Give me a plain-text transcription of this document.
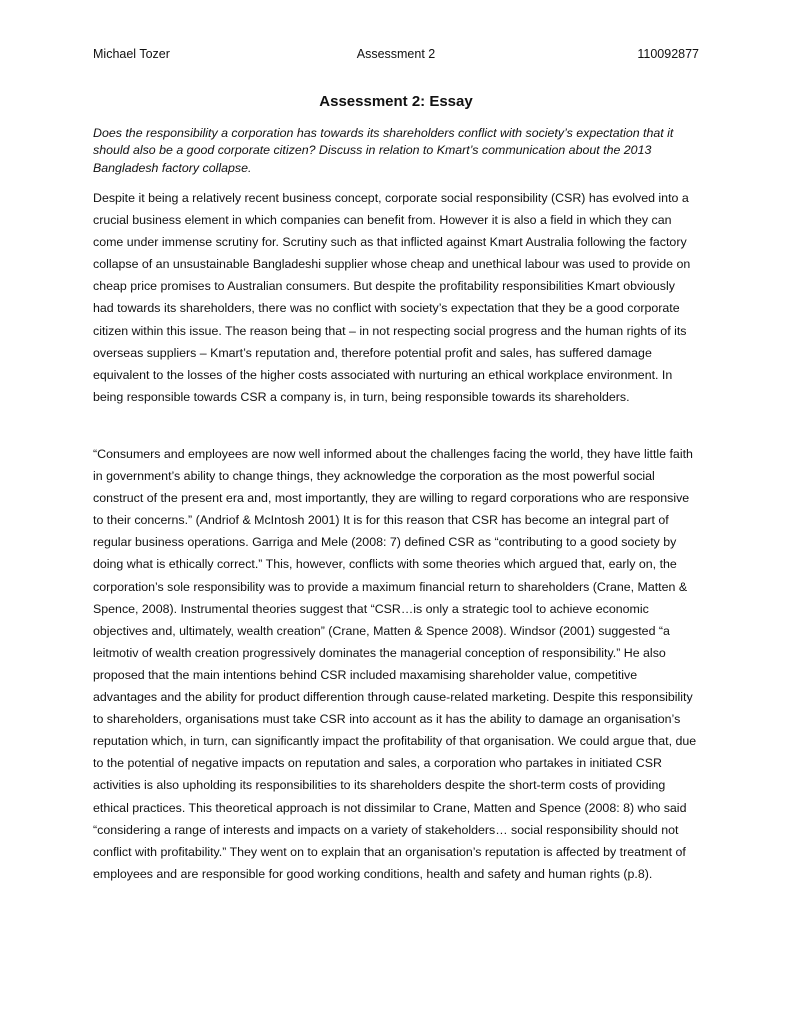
Michael Tozer	Assessment 2	110092877
Assessment 2: Essay
Does the responsibility a corporation has towards its shareholders conflict with society’s expectation that it should also be a good corporate citizen? Discuss in relation to Kmart’s communication about the 2013 Bangladesh factory collapse.

Despite it being a relatively recent business concept, corporate social responsibility (CSR) has evolved into a crucial business element in which companies can benefit from. However it is also a field in which they can come under immense scrutiny for. Scrutiny such as that inflicted against Kmart Australia following the factory collapse of an unsustainable Bangladeshi supplier whose cheap and unethical labour was used to provide on cheap price promises to Australian consumers. But despite the profitability responsibilities Kmart obviously had towards its shareholders, there was no conflict with society’s expectation that they be a good corporate citizen within this issue. The reason being that – in not respecting social progress and the human rights of its overseas suppliers – Kmart’s reputation and, therefore potential profit and sales, has suffered damage equivalent to the losses of the higher costs associated with nurturing an ethical workplace environment. In being responsible towards CSR a company is, in turn, being responsible towards its shareholders.

“Consumers and employees are now well informed about the challenges facing the world, they have little faith in government’s ability to change things, they acknowledge the corporation as the most powerful social construct of the present era and, most importantly, they are willing to regard corporations who are responsive to their concerns.” (Andriof & McIntosh 2001) It is for this reason that CSR has become an integral part of regular business operations. Garriga and Mele (2008: 7) defined CSR as “contributing to a good society by doing what is ethically correct.” This, however, conflicts with some theories which argued that, early on, the corporation’s sole responsibility was to provide a maximum financial return to shareholders (Crane, Matten & Spence, 2008). Instrumental theories suggest that “CSR…is only a strategic tool to achieve economic objectives and, ultimately, wealth creation” (Crane, Matten & Spence 2008). Windsor (2001) suggested “a leitmotiv of wealth creation progressively dominates the managerial conception of responsibility.” He also proposed that the main intentions behind CSR included maxamising shareholder value, competitive advantages and the ability for product differention through cause-related marketing. Despite this responsibility to shareholders, organisations must take CSR into account as it has the ability to damage an organisation’s reputation which, in turn, can significantly impact the profitability of that organisation. We could argue that, due to the potential of negative impacts on reputation and sales, a corporation who partakes in initiated CSR activities is also upholding its responsibilities to its shareholders despite the short-term costs of providing ethical practices. This theoretical approach is not dissimilar to Crane, Matten and Spence (2008: 8) who said “considering a range of interests and impacts on a variety of stakeholders… social responsibility should not conflict with profitability.” They went on to explain that an organisation’s reputation is affected by treatment of employees and are responsible for good working conditions, health and safety and human rights (p.8).
